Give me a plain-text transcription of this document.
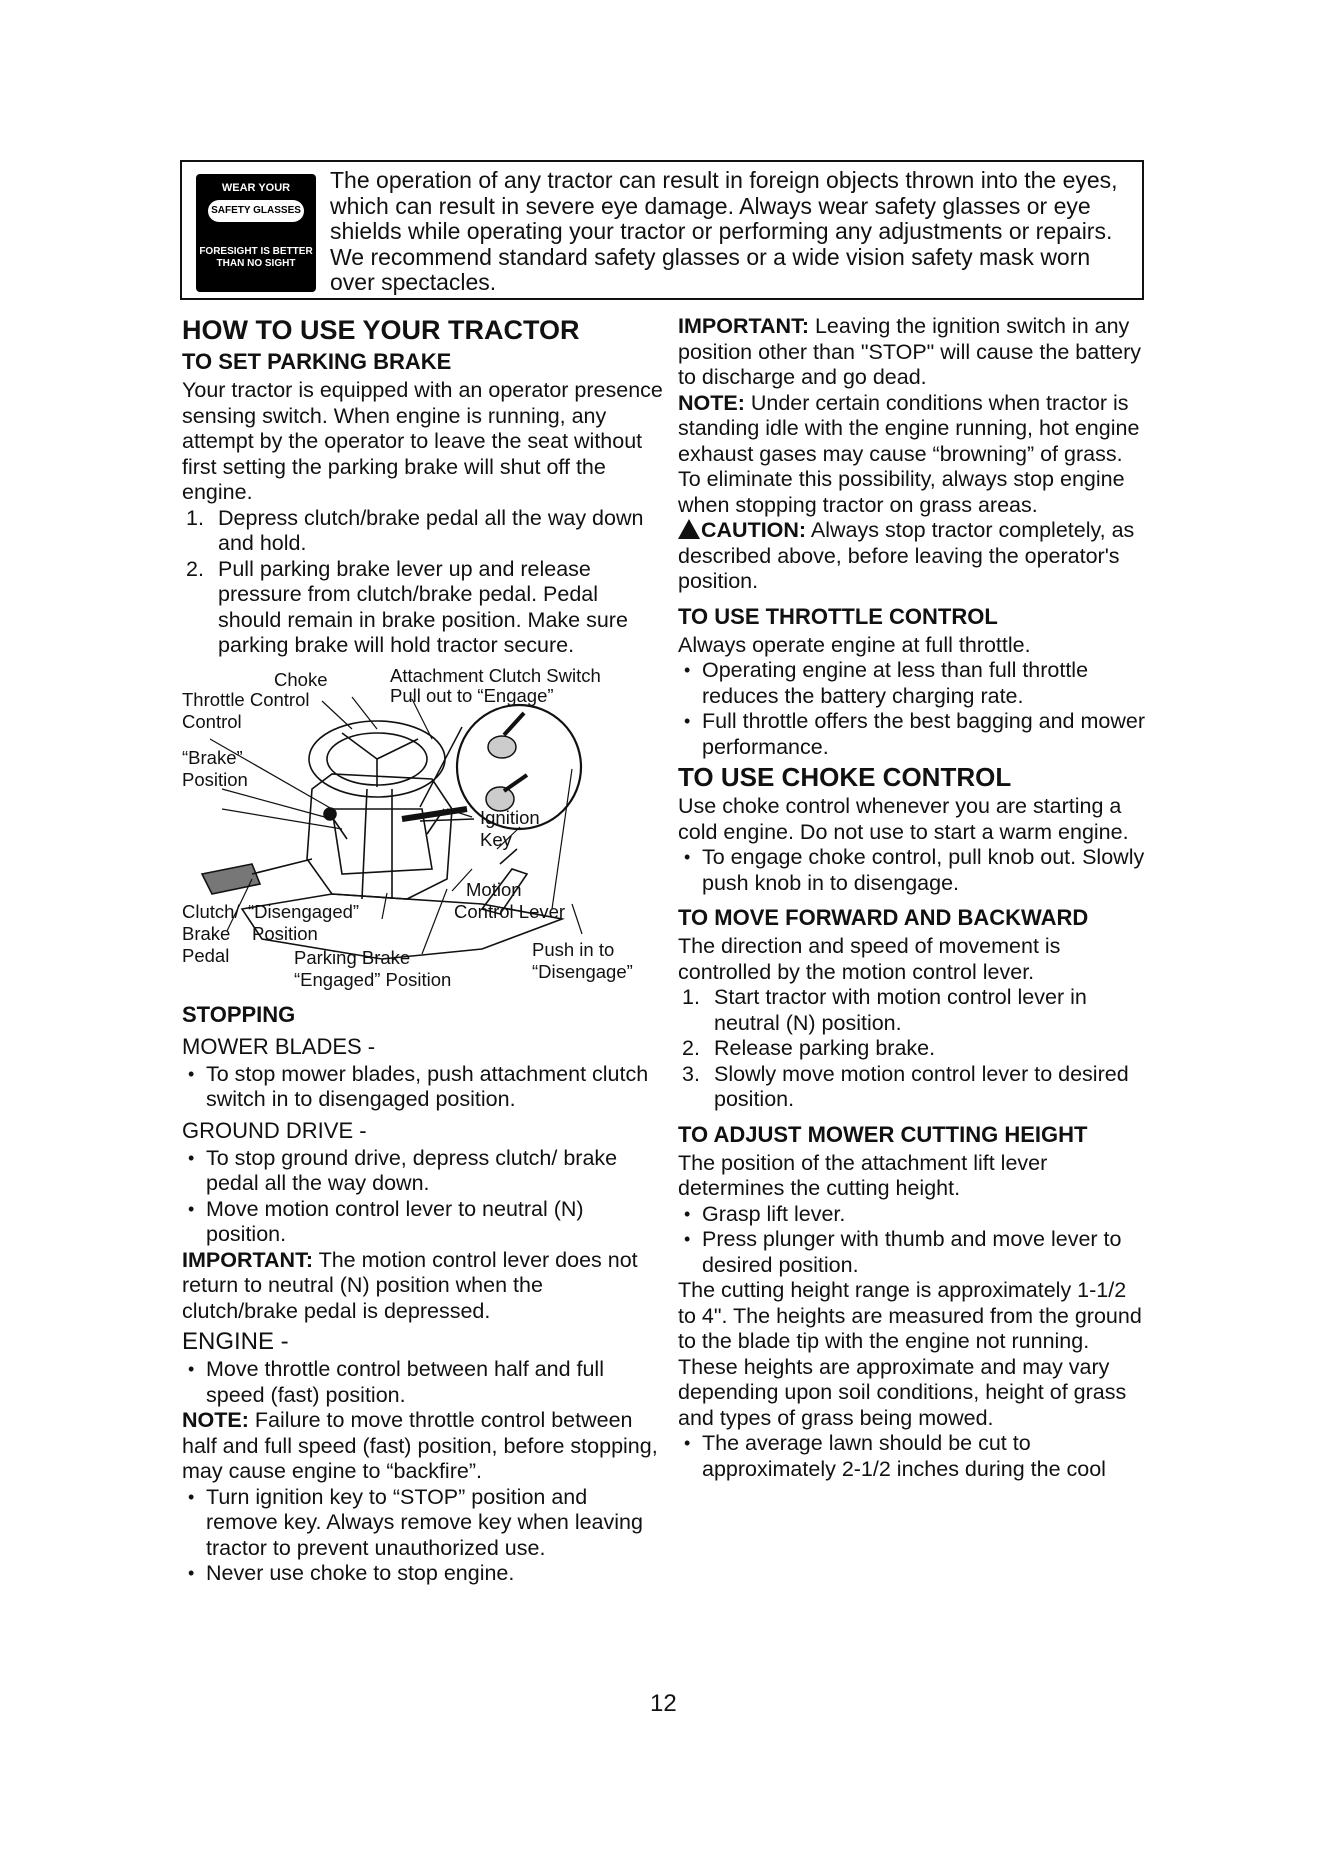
WEAR YOUR
SAFETY GLASSES
FORESIGHT IS BETTER THAN NO SIGHT

The operation of any tractor can result in foreign objects thrown into the eyes, which can result in severe eye damage. Always wear safety glasses or eye shields while operating your tractor or performing any adjustments or repairs. We recommend standard safety glasses or a wide vision safety mask worn over spectacles.

HOW TO USE YOUR TRACTOR
TO SET PARKING BRAKE

Your tractor is equipped with an operator presence sensing switch. When engine is running, any attempt by the operator to leave the seat without first setting the parking brake will shut off the engine.

1. Depress clutch/brake pedal all the way down and hold.
2. Pull parking brake lever up and release pressure from clutch/brake pedal. Pedal should remain in brake position. Make sure parking brake will hold tractor secure.
Choke
Throttle Control
Control
Attachment Clutch Switch
Pull out to “Engage”
“Brake”
Position
Ignition
Key
Motion
Control Lever
Clutch/
Brake
Pedal
“Disengaged”
Position
Parking Brake
“Engaged” Position
Push in to
“Disengage”
STOPPING
MOWER BLADES -
• To stop mower blades, push attachment clutch switch in to disengaged position.
GROUND DRIVE -
• To stop ground drive, depress clutch/ brake pedal all the way down.
• Move motion control lever to neutral (N) position.

IMPORTANT: The motion control lever does not return to neutral (N) position when the clutch/brake pedal is depressed.

ENGINE -
• Move throttle control between half and full speed (fast) position.

NOTE: Failure to move throttle control between half and full speed (fast) position, before stopping, may cause engine to “backfire”.

• Turn ignition key to “STOP” position and remove key. Always remove key when leaving tractor to prevent unauthorized use.
• Never use choke to stop engine.

IMPORTANT: Leaving the ignition switch in any position other than "STOP" will cause the battery to discharge and go dead.

NOTE: Under certain conditions when tractor is standing idle with the engine running, hot engine exhaust gases may cause “browning” of grass. To eliminate this possibility, always stop engine when stopping tractor on grass areas.

CAUTION: Always stop tractor completely, as described above, before leaving the operator's position.

TO USE THROTTLE CONTROL

Always operate engine at full throttle.

• Operating engine at less than full throttle reduces the battery charging rate.
• Full throttle offers the best bagging and mower performance.
TO USE CHOKE CONTROL

Use choke control whenever you are starting a cold engine. Do not use to start a warm engine.

• To engage choke control, pull knob out. Slowly push knob in to disengage.
TO MOVE FORWARD AND BACKWARD

The direction and speed of movement is controlled by the motion control lever.

1. Start tractor with motion control lever in neutral (N) position.
2. Release parking brake.
3. Slowly move motion control lever to desired position.
TO ADJUST MOWER CUTTING HEIGHT

The position of the attachment lift lever determines the cutting height.

• Grasp lift lever.
• Press plunger with thumb and move lever to desired position.

The cutting height range is approximately 1-1/2 to 4". The heights are measured from the ground to the blade tip with the engine not running. These heights are approximate and may vary depending upon soil conditions, height of grass and types of grass being mowed.

• The average lawn should be cut to approximately 2-1/2 inches during the cool
12
